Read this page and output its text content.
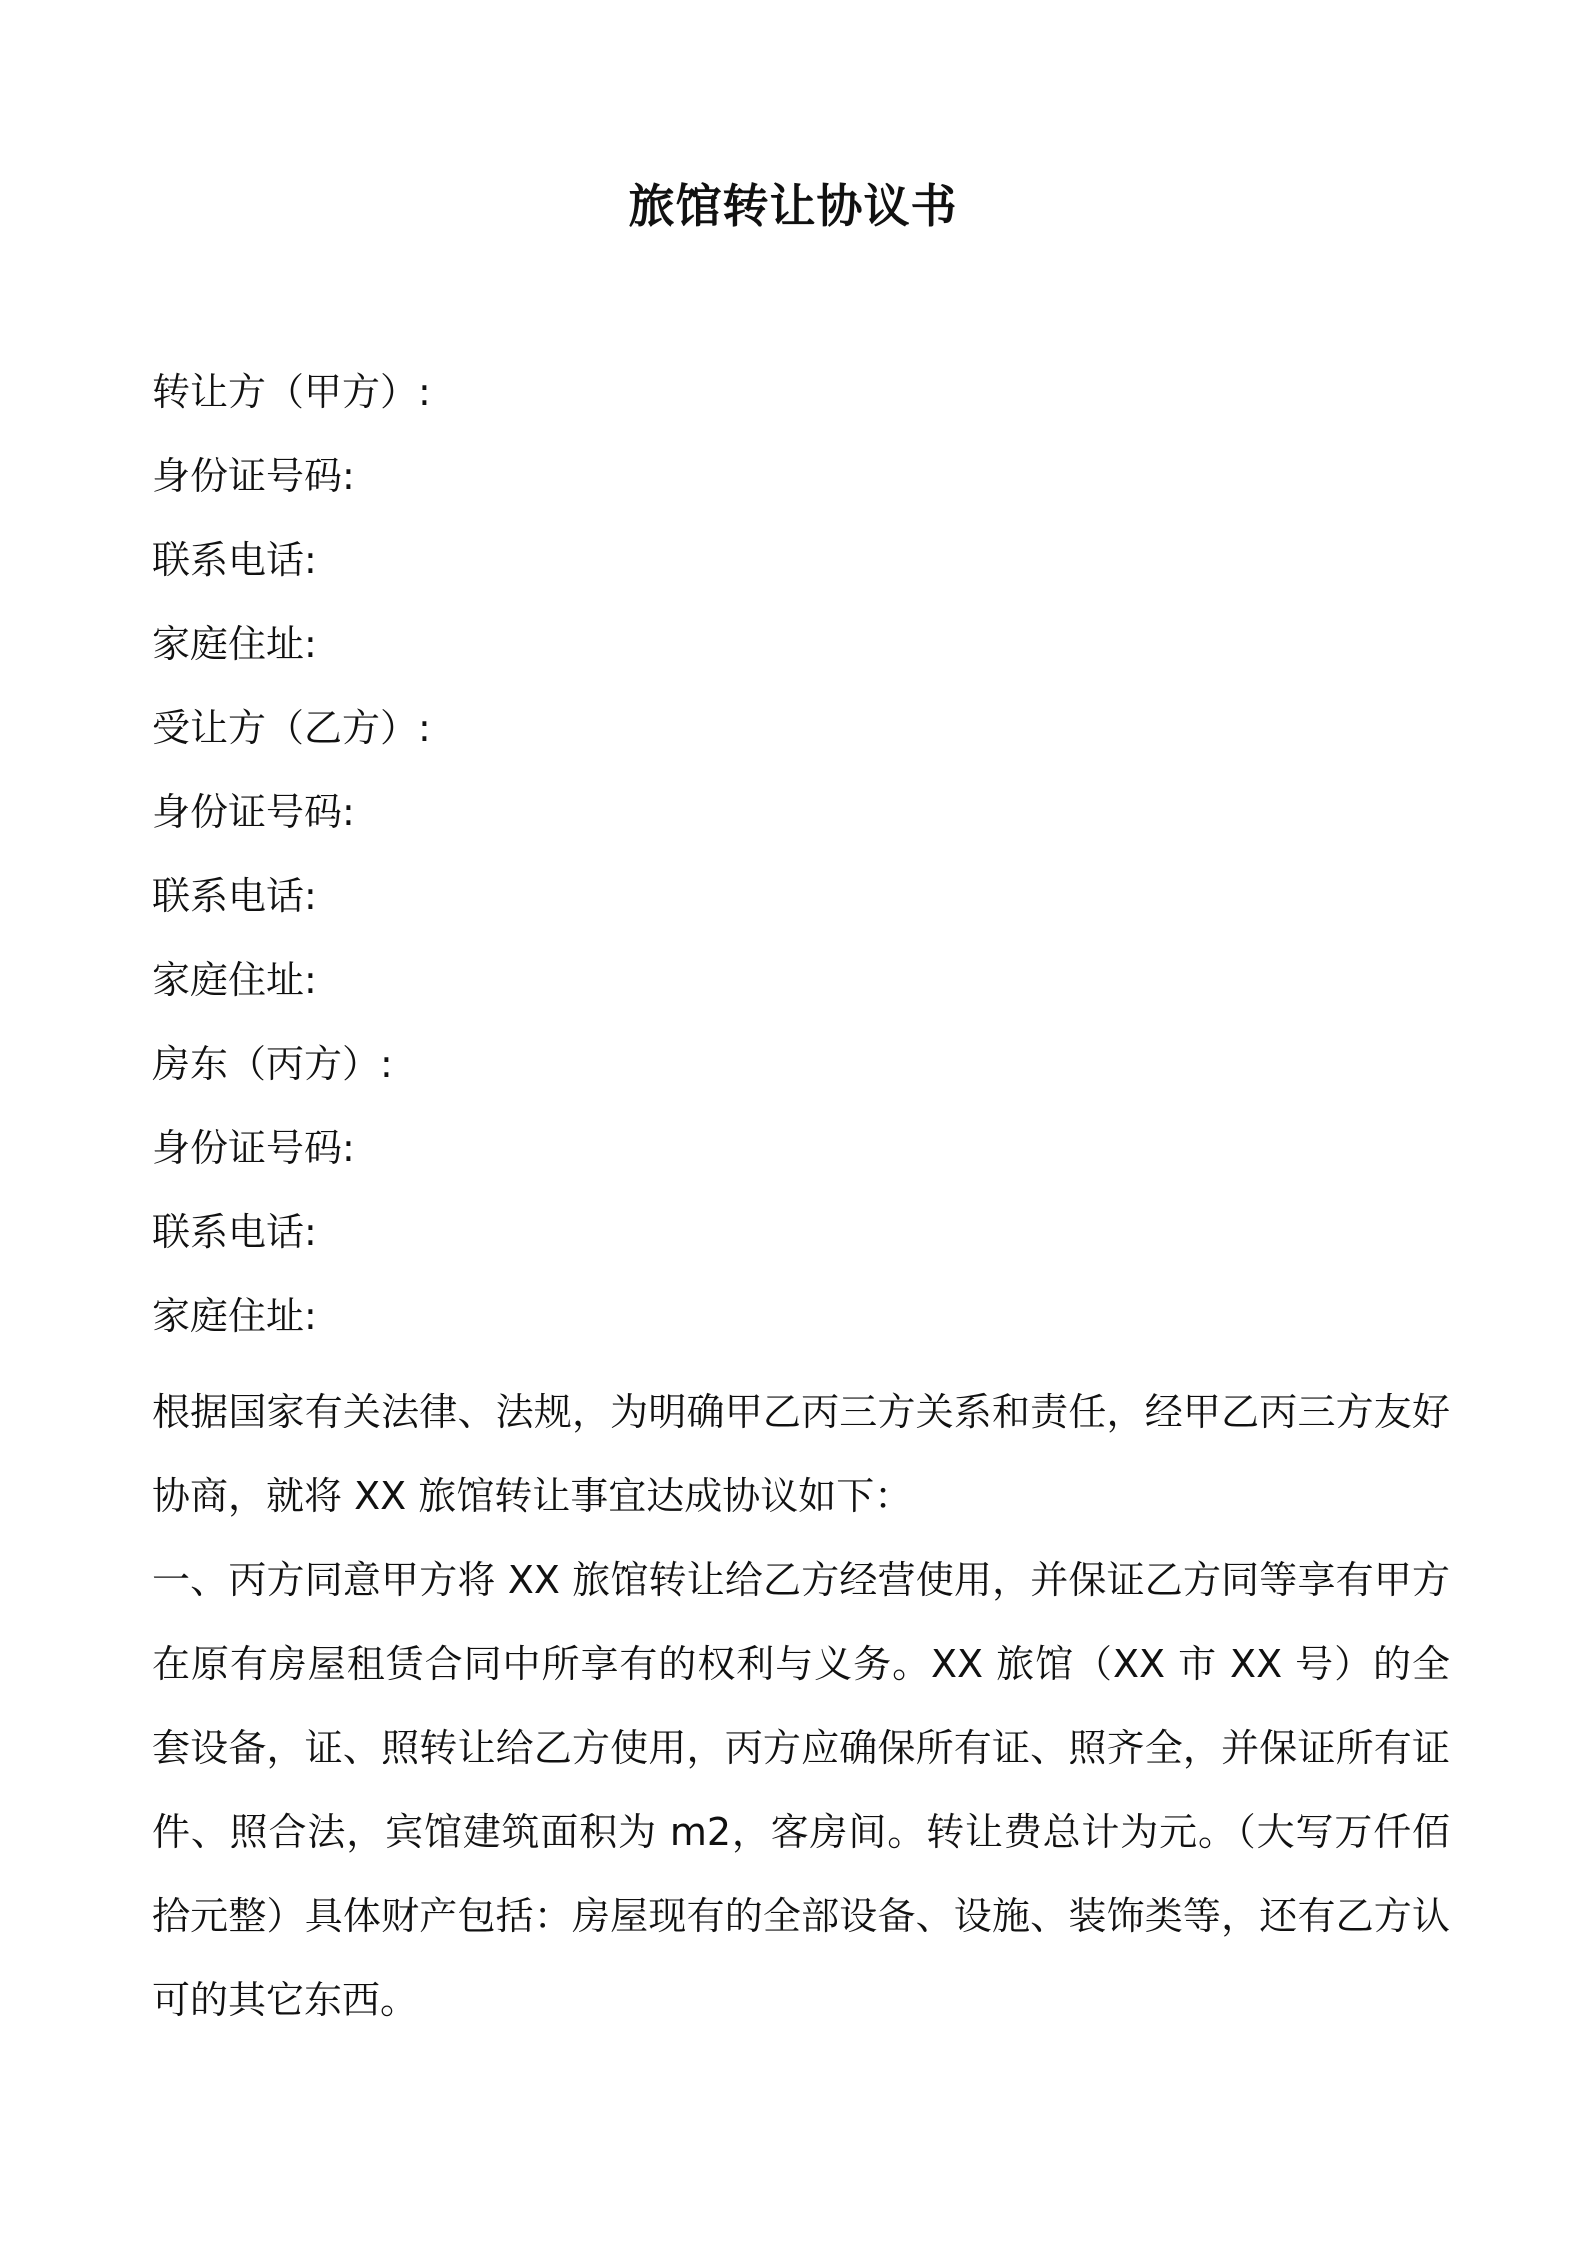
旅馆转让协议书
转让方（甲方）:
身份证号码:
联系电话:
家庭住址:
受让方（乙方）:
身份证号码:
联系电话:
家庭住址:
房东（丙方）:
身份证号码:
联系电话:
家庭住址:

根据国家有关法律、法规，为明确甲乙丙三方关系和责任，经甲乙丙三方友好协商，就将 XX 旅馆转让事宜达成协议如下：

一、丙方同意甲方将 XX 旅馆转让给乙方经营使用，并保证乙方同等享有甲方在原有房屋租赁合同中所享有的权利与义务。XX 旅馆（XX 市 XX 号）的全套设备，证、照转让给乙方使用，丙方应确保所有证、照齐全，并保证所有证件、照合法，宾馆建筑面积为 m2，客房间。转让费总计为元。（大写万仟佰拾元整）具体财产包括：房屋现有的全部设备、设施、装饰类等，还有乙方认可的其它东西。
